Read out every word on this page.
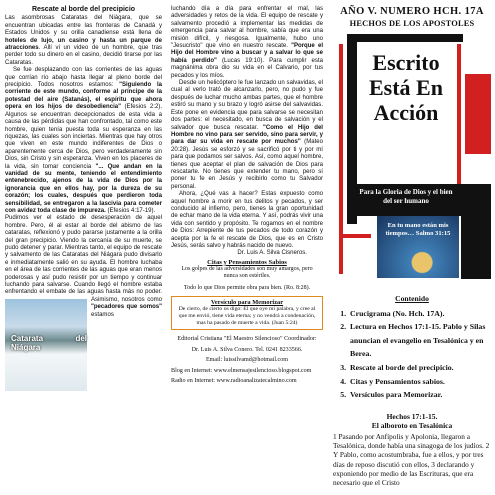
Rescate al borde del precipicio

Las asombrosas Cataratas del Niágara, que se encuentran ubicadas entre las fronteras de Canadá y Estados Unidos y su orilla canadiense está llena de hoteles de lujo, un casino y hasta un parque de atracciones. Allí vi un video de un hombre, que tras perder todo su dinero en el casino, decidió tirarse por las Cataratas.

Se fue desplazando con las corrientes de las aguas que corrían río abajo hasta llegar al pleno borde del precipicio. Todos nosotros estamos: "Siguiendo la corriente de este mundo, conforme al príncipe de la potestad del aire (Satanás), el espíritu que ahora opera en los hijos de desobediencia" (Efesios 2:2). Algunos se encuentran decepcionados de esta vida a causa de las pérdidas que han confrontado, tal como este hombre, quien tenía puesta toda su esperanza en las riquezas, las cuales son inciertas. Mientras que hay otros que viven en este mundo indiferentes de Dios o aparentemente cerca de Dios, pero verdaderamente sin Dios, sin Cristo y sin esperanza. Viven en los placeres de la vida, sin tomar conciencia "... Que andan en la vanidad de su mente, teniendo el entendimiento entenebrecido, ajenos de la vida de Dios por la ignorancia que en ellos hay, por la dureza de su corazón; los cuales, después que perdieron toda sensibilidad, se entregaron a la lascivia para cometer con avidez toda clase de impureza. (Efesios 4:17-19).

Pudimos ver el estado de desesperación de aquel hombre. Pero, él al estar al borde del abismo de las cataratas, reflexionó y pudo pararse justamente a la orilla del gran precipicio. Viendo la cercanía de su muerte, se pudo detener y parar. Mientras tanto, el equipo de rescate y salvamento de las Cataratas del Niágara pudo divisarlo e inmediatamente salió en su ayuda. El hombre luchaba en el área de las corrientes de las aguas que eran menos poderosas y así pudo resistir por un tiempo y continuar luchando para salvarse. Cuando llegó el hombre estaba enfrentando el embate de las aguas hasta más no poder. Asimismo, nosotros como
Catarata del Niágara
"pecadores que somos" estamos

luchando día a día para enfrentar el mal, las adversidades y retos de la vida. El equipo de rescate y salvamento procedió a implementar las medidas de emergencia para salvar al hombre, sabía que era una misión difícil, y riesgosa. Igualmente, hubo uno "Jesucristo" que vino en nuestro rescate. "Porque el Hijo del Hombre vino a buscar y a salvar lo que se había perdido" (Lucas 19:10). Para cumplir esta magnánima obra dio su vida en el Calvario, por tus pecados y los míos.

Desde un helicóptero le fue lanzado un salvavidas, el cual al verlo trató de alcanzarlo, pero, no pudo y fue después de luchar mucho ambas partes, que el hombre estiró su mano y su brazo y logró asirse del salvavidas. Este pone en evidencia que para salvarse se necesitan dos partes: el necesitado, en busca de salvación y el salvador que busca rescatar. "Como el Hijo del Hombre no vino para ser servido, sino para servir, y para dar su vida en rescate por muchos" (Mateo 20:28). Jesús se esforzó y se sacrificó por ti y por mí para que podamos ser salvos. Así, como aquel hombre, tienes que aceptar el plan de salvación de Dios para rescatarte. No tienes que extender tu mano, pero sí poner tu fe en Jesús y recibirlo como tu Salvador personal.

Ahora, ¿Qué vas a hacer? Estas expuesto como aquel hombre a morir en tus delitos y pecados, y ser conducido al infierno, pero, tienes la gran oportunidad de echar mano de la vida eterna. Y así, podrás vivir una vida con sentido y propósito. Te rogamos en el nombre de Dios: Arrepiente de tus pecados de todo corazón y acepta por la fe el rescate de Dios, que es en Cristo Jesús, serás salvo y habrás nacido de nuevo.

Dr. Luis A. Silva Cisneros.

Citas y Pensamientos Sabios
Los golpes de las adversidades son muy amargos, pero nunca son estériles.
Todo lo que Dios permite obra para bien. (Ro. 8:28).
Versículo para Memorizar
De cierto, de cierto os digo: El que oye mi palabra, y cree al que me envió, tiene vida eterna; y no vendrá a condenación, mas ha pasado de muerte a vida. (Juan 5:24)
Editorial Cristiana "El Maestro Silencioso" Coordinador:
Dr. Luis A. Silva Conero. Tel. 0241 8233566.
Email: luissilvamd@hotmail.com
Blog en Internet: www.elmensajesilencioso.blogspot.com
Radio en Internet: www.radioanalizatecalmino.com
AÑO V. NUMERO HCH. 17A
HECHOS DE LOS APOSTOLES
Escrito
Está En
Acción
Para la Gloria de Dios y el bien del ser humano
En tu mano están mis tiempos… Salmo 31:15
Contenido
1. Crucigrama (No. Hch. 17A).
2. Lectura en Hechos 17:1-15. Pablo y Silas anuncian el evangelio en Tesalónica y en Berea.
3. Rescate al borde del precipicio.
4. Citas y Pensamientos sabios.
5. Versículos para Memorizar.
Hechos 17:1-15.
El alboroto en Tesalónica

1 Pasando por Anfípolis y Apolonia, llegaron a Tesalónica, donde había una sinagoga de los judíos. 2 Y Pablo, como acostumbraba, fue a ellos, y por tres días de reposo discutió con ellos, 3 declarando y exponiendo por medio de las Escrituras, que era necesario que el Cristo
